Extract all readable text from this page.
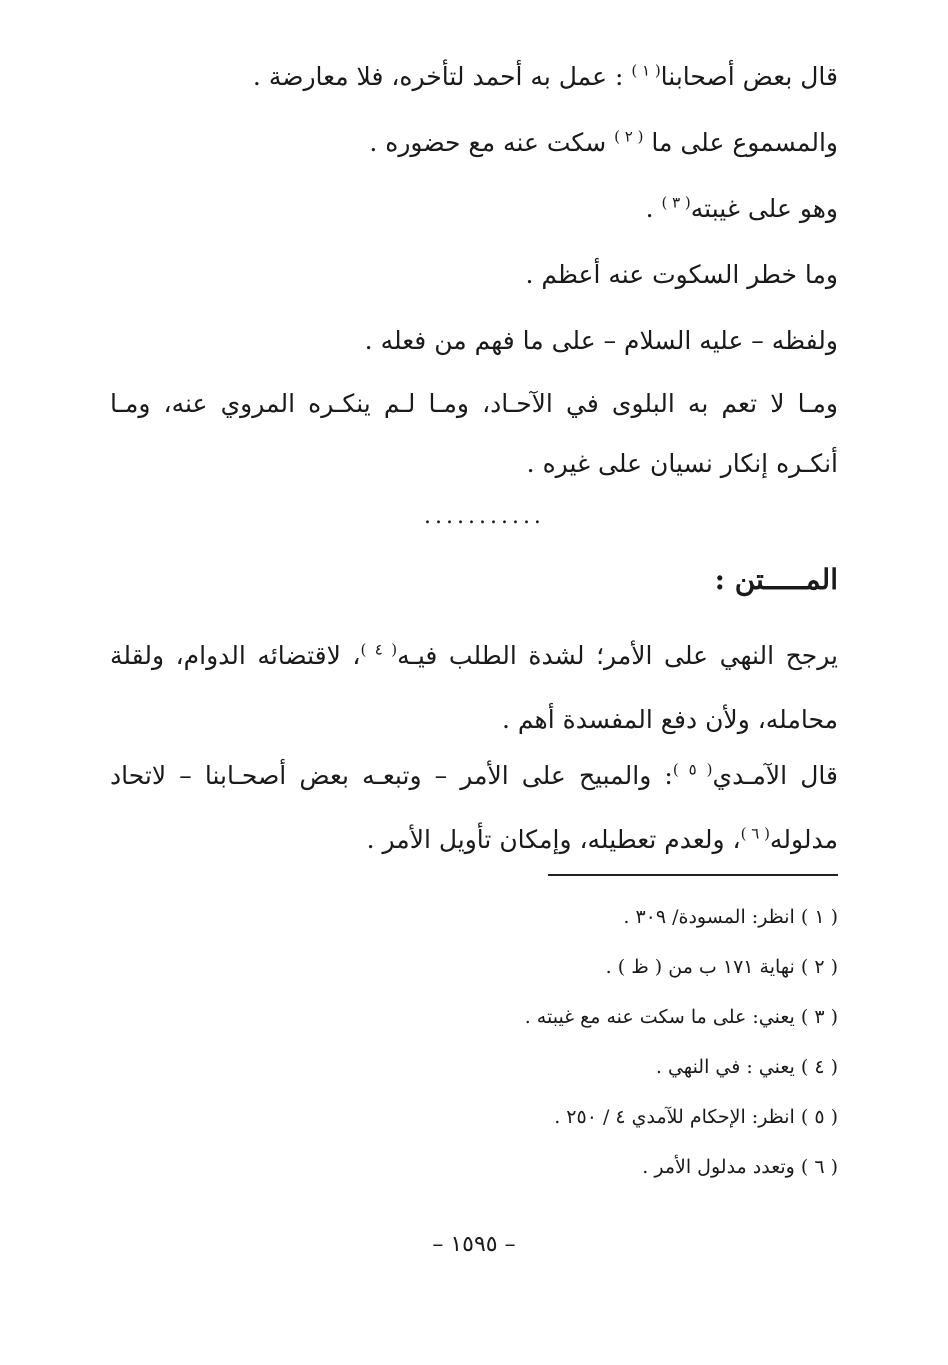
قال بعض أصحابنا$^{( ١ )}$ : عمل به أحمد لتأخره، فلا معارضة .

والمسموع على ما $^{( ٢ )}$ سكت عنه مع حضوره .

وهو على غيبته$^{( ٣ )}$ .

وما خطر السكوت عنه أعظم .

ولفظه – عليه السلام – على ما فهم من فعله .

ومـا لا تعم به البلوى في الآحـاد، ومـا لـم ينكـره المروي عنه، ومـا أنكـره إنكار نسيان على غيره .

...........
المـــــتن :

يرجح النهي على الأمر؛ لشدة الطلب فيـه$^{( ٤ )}$، لاقتضائه الدوام، ولقلة محامله، ولأن دفع المفسدة أهم .

قال الآمـدي$^{( ٥ )}$: والمبيح على الأمر – وتبعـه بعض أصحـابنا – لاتحاد مدلوله$^{( ٦ )}$، ولعدم تعطيله، وإمكان تأويل الأمر .

( ١ ) انظر: المسودة/ ٣٠٩ .

( ٢ ) نهاية ١٧١ ب من ( ظ ) .

( ٣ ) يعني: على ما سكت عنه مع غيبته .

( ٤ ) يعني : في النهي .

( ٥ ) انظر: الإحكام للآمدي ٤ / ٢٥٠ .

( ٦ ) وتعدد مدلول الأمر .

– ١٥٩٥ –
